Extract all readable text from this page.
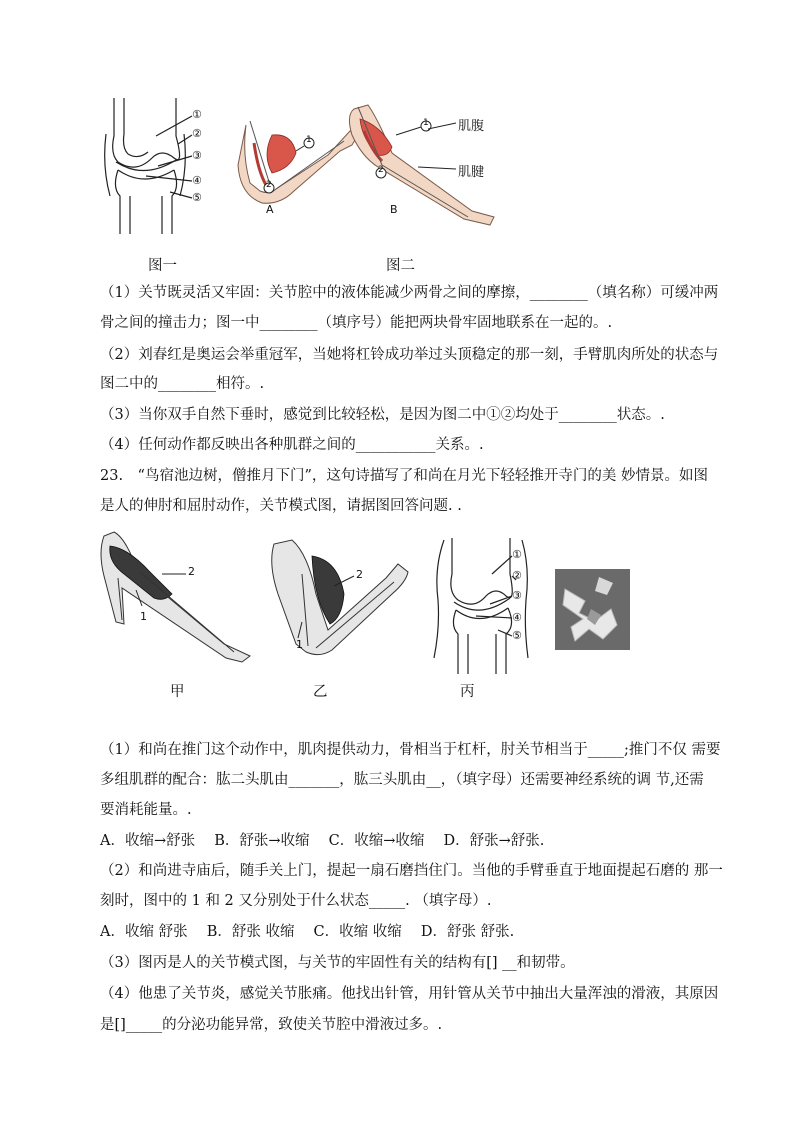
①
②
③
④
⑤
1
2
A
1
2
B
肌腹
肌腱
图一	图二
（1）关节既灵活又牢固：关节腔中的液体能减少两骨之间的摩擦，________（填名称）可缓冲两
骨之间的撞击力；图一中________（填序号）能把两块骨牢固地联系在一起的。.
（2）刘春红是奥运会举重冠军，当她将杠铃成功举过头顶稳定的那一刻，手臂肌肉所处的状态与
图二中的________相符。.
（3）当你双手自然下垂时，感觉到比较轻松，是因为图二中①②均处于________状态。.
（4）任何动作都反映出各种肌群之间的___________关系。.
23.　“鸟宿池边树，僧推月下门”，这句诗描写了和尚在月光下轻轻推开寺门的美 妙情景。如图
是人的伸肘和屈肘动作，关节模式图，请据图回答问题. .
2
1
2
1
①
②
③
④
⑤
甲	乙	丙
（1）和尚在推门这个动作中，肌肉提供动力，骨相当于杠杆，肘关节相当于_____;推门不仅 需要
多组肌群的配合：肱二头肌由_______，肱三头肌由__，（填字母）还需要神经系统的调 节,还需
要消耗能量。.
A．收缩→舒张　 B．舒张→收缩　 C．收缩→收缩　 D．舒张→舒张.
（2）和尚进寺庙后，随手关上门，提起一扇石磨挡住门。当他的手臂垂直于地面提起石磨的 那一
刻时，图中的 1 和 2 又分别处于什么状态_____. （填字母）.
A．收缩 舒张　 B．舒张 收缩　 C．收缩 收缩　 D．舒张 舒张.
（3）图丙是人的关节模式图，与关节的牢固性有关的结构有[] __和韧带。
（4）他患了关节炎，感觉关节胀痛。他找出针管，用针管从关节中抽出大量浑浊的滑液，其原因
是[]_____的分泌功能异常，致使关节腔中滑液过多。.
